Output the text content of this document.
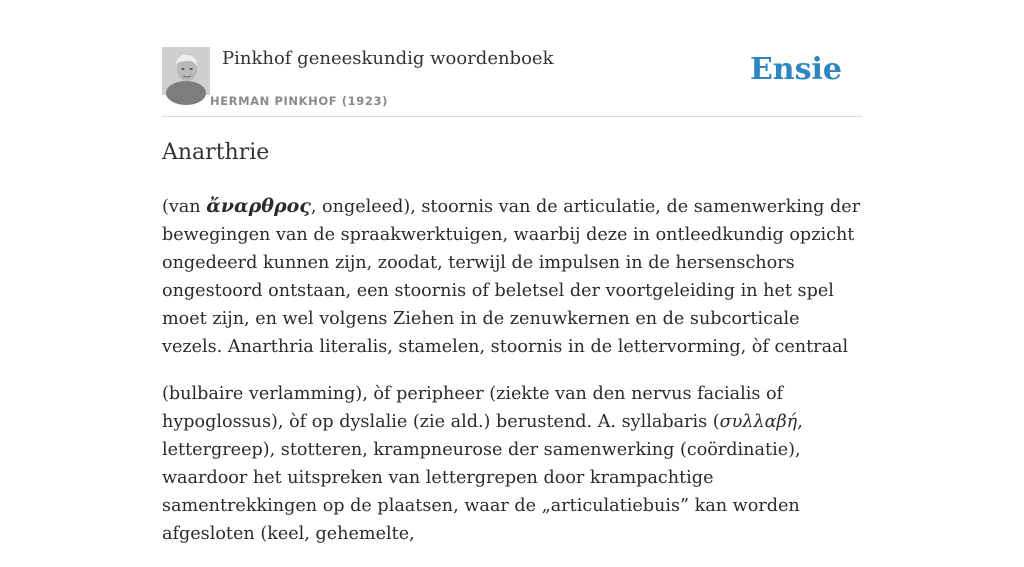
Pinkhof geneeskundig woordenboek
HERMAN PINKHOF (1923)
Ensie
Anarthrie

(van ἄναρθρος, ongeleed), stoornis van de articulatie, de samenwerking der bewegingen van de spraakwerktuigen, waarbij deze in ontleedkundig opzicht ongedeerd kunnen zijn, zoodat, terwijl de impulsen in de hersenschors ongestoord ontstaan, een stoornis of beletsel der voortgeleiding in het spel moet zijn, en wel volgens Ziehen in de zenuwkernen en de subcorticale vezels. Anarthria literalis, stamelen, stoornis in de lettervorming, òf centraal

(bulbaire verlamming), òf peripheer (ziekte van den nervus facialis of hypoglossus), òf op dyslalie (zie ald.) berustend. A. syllabaris (συλλαβή, lettergreep), stotteren, krampneurose der samenwerking (coördinatie), waardoor het uitspreken van lettergrepen door krampachtige samentrekkingen op de plaatsen, waar de „articulatiebuis” kan worden afgesloten (keel, gehemelte,
